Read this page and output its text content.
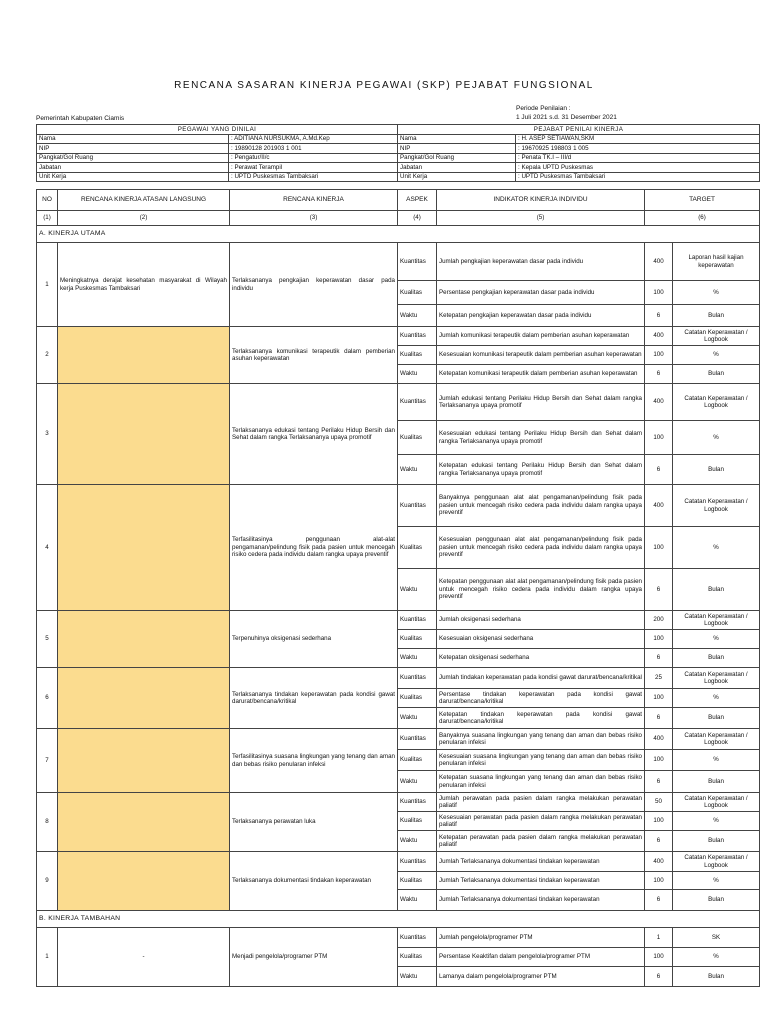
RENCANA SASARAN KINERJA PEGAWAI (SKP) PEJABAT FUNGSIONAL
Pemerintah Kabupaten Ciamis
Periode Penilaian :
1 Juli 2021 s.d. 31 Desember 2021
PEGAWAI YANG DINILAI		PEJABAT PENILAI KINERJA	
Nama	: ADITIANA NURSUKMA, A.Md.Kep	Nama	: H. ASEP SETIAWAN,SKM
NIP	: 19890128 201903 1 001	NIP	: 19670925 198803 1 005
Pangkat/Gol Ruang	: Pengatur/II/c	Pangkat/Gol Ruang	: Penata TK.I – III/d
Jabatan	: Perawat Terampil	Jabatan	: Kepala UPTD Puskesmas
Unit Kerja	: UPTD Puskesmas Tambaksari	Unit Kerja	: UPTD Puskesmas Tambaksari
NO	RENCANA KINERJA ATASAN LANGSUNG	RENCANA KINERJA	ASPEK	INDIKATOR KINERJA INDIVIDU	TARGET	
(1)	(2)	(3)	(4)	(5)	(6)	
A. KINERJA UTAMA						
1	Meningkatnya derajat kesehatan masyarakat di Wilayah kerja Puskesmas Tambaksari	Terlaksananya pengkajian keperawatan dasar pada individu	Kuantitas	Jumlah pengkajian keperawatan dasar pada individu	400	Laporan hasil kajian keperawatan
			Kualitas	Persentase pengkajian keperawatan dasar pada individu	100	%
			Waktu	Ketepatan pengkajian keperawatan dasar pada individu	6	Bulan
2		Terlaksananya komunikasi terapeutik dalam pemberian asuhan keperawatan	Kuantitas	Jumlah komunikasi terapeutik dalam pemberian asuhan keperawatan	400	Catatan Keperawatan / Logbook
			Kualitas	Kesesuaian komunikasi terapeutik dalam pemberian asuhan keperawatan	100	%
			Waktu	Ketepatan komunikasi terapeutik dalam pemberian asuhan keperawatan	6	Bulan
3		Terlaksananya edukasi tentang Perilaku Hidup Bersih dan Sehat dalam rangka Terlaksananya upaya promotif	Kuantitas	Jumlah edukasi tentang Perilaku Hidup Bersih dan Sehat dalam rangka Terlaksananya upaya promotif	400	Catatan Keperawatan / Logbook
			Kualitas	Kesesuaian edukasi tentang Perilaku Hidup Bersih dan Sehat dalam rangka Terlaksananya upaya promotif	100	%
			Waktu	Ketepatan edukasi tentang Perilaku Hidup Bersih dan Sehat dalam rangka Terlaksananya upaya promotif	6	Bulan
4		Terfasilitasinya penggunaan alat-alat pengamanan/pelindung fisik pada pasien untuk mencegah risiko cedera pada individu dalam rangka upaya preventif	Kuantitas	Banyaknya penggunaan alat alat pengamanan/pelindung fisik pada pasien untuk mencegah risiko cedera pada individu dalam rangka upaya preventif	400	Catatan Keperawatan / Logbook
			Kualitas	Kesesuaian penggunaan alat alat pengamanan/pelindung fisik pada pasien untuk mencegah risiko cedera pada individu dalam rangka upaya preventif	100	%
			Waktu	Ketepatan penggunaan alat alat pengamanan/pelindung fisik pada pasien untuk mencegah risiko cedera pada individu dalam rangka upaya preventif	6	Bulan
5		Terpenuhinya oksigenasi sederhana	Kuantitas	Jumlah oksigenasi sederhana	200	Catatan Keperawatan / Logbook
			Kualitas	Kesesuaian oksigenasi sederhana	100	%
			Waktu	Ketepatan oksigenasi sederhana	6	Bulan
6		Terlaksananya tindakan keperawatan pada kondisi gawat darurat/bencana/kritikal	Kuantitas	Jumlah tindakan keperawatan pada kondisi gawat darurat/bencana/kritikal	25	Catatan Keperawatan / Logbook
			Kualitas	Persentase tindakan keperawatan pada kondisi gawat darurat/bencana/kritikal	100	%
			Waktu	Ketepatan tindakan keperawatan pada kondisi gawat darurat/bencana/kritikal	6	Bulan
7		Terfasilitasinya suasana lingkungan yang tenang dan aman dan bebas risiko penularan infeksi	Kuantitas	Banyaknya suasana lingkungan yang tenang dan aman dan bebas risiko penularan infeksi	400	Catatan Keperawatan / Logbook
			Kualitas	Kesesuaian suasana lingkungan yang tenang dan aman dan bebas risiko penularan infeksi	100	%
			Waktu	Ketepatan suasana lingkungan yang tenang dan aman dan bebas risiko penularan infeksi	6	Bulan
8		Terlaksananya perawatan luka	Kuantitas	Jumlah perawatan pada pasien dalam rangka melakukan perawatan paliatif	50	Catatan Keperawatan / Logbook
			Kualitas	Kesesuaian perawatan pada pasien dalam rangka melakukan perawatan paliatif	100	%
			Waktu	Ketepatan perawatan pada pasien dalam rangka melakukan perawatan paliatif	6	Bulan
9		Terlaksananya dokumentasi tindakan keperawatan	Kuantitas	Jumlah Terlaksananya dokumentasi tindakan keperawatan	400	Catatan Keperawatan / Logbook
			Kualitas	Jumlah Terlaksananya dokumentasi tindakan keperawatan	100	%
			Waktu	Jumlah Terlaksananya dokumentasi tindakan keperawatan	6	Bulan
B. KINERJA TAMBAHAN						
1	-	Menjadi pengelola/programer PTM	Kuantitas	Jumlah pengelola/programer PTM	1	SK
			Kualitas	Persentase Keaktifan dalam pengelola/programer PTM	100	%
			Waktu	Lamanya dalam pengelola/programer PTM	6	Bulan
